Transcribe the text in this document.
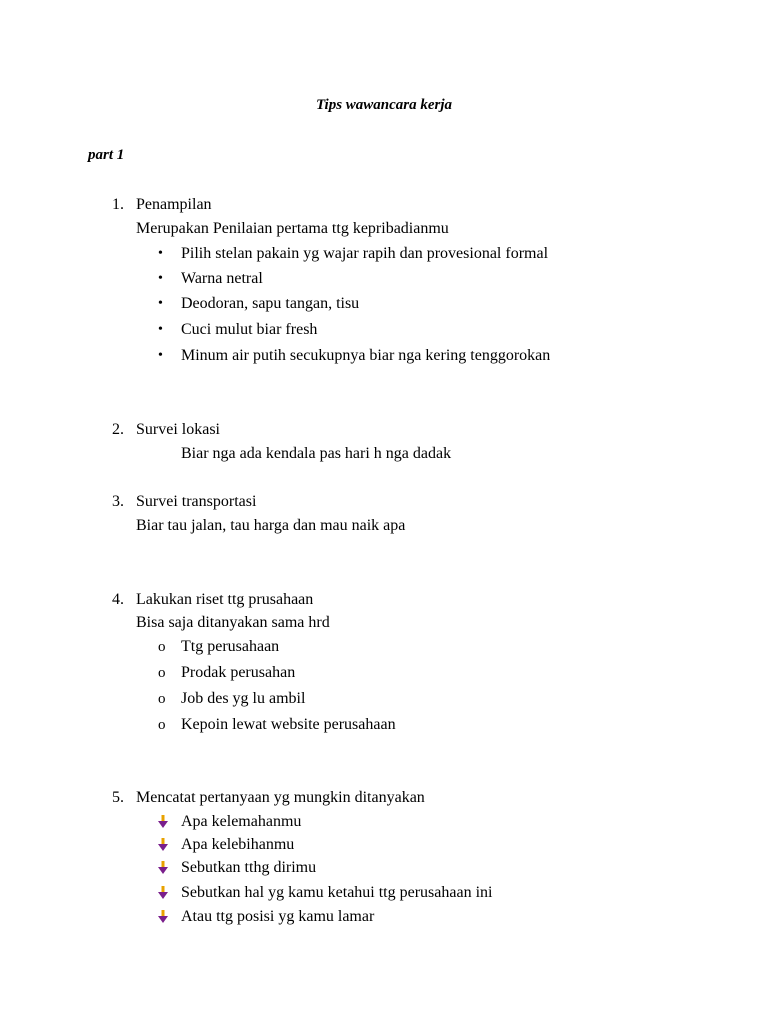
Tips wawancara kerja
part 1
1. Penampilan
Merupakan Penilaian pertama ttg kepribadianmu
• Pilih stelan pakain yg wajar rapih dan provesional formal
• Warna netral
• Deodoran, sapu tangan, tisu
• Cuci mulut biar fresh
• Minum air putih secukupnya biar nga kering tenggorokan
2. Survei lokasi
Biar nga ada kendala pas hari h nga dadak
3. Survei transportasi
Biar tau jalan, tau harga dan mau naik apa
4. Lakukan riset ttg prusahaan
Bisa saja ditanyakan sama hrd
o Ttg perusahaan
o Prodak perusahan
o Job des yg lu ambil
o Kepoin lewat website perusahaan
5. Mencatat pertanyaan yg mungkin ditanyakan
Apa kelemahanmu
Apa kelebihanmu
Sebutkan tthg dirimu
Sebutkan hal yg kamu ketahui ttg perusahaan ini
Atau ttg posisi yg kamu lamar
